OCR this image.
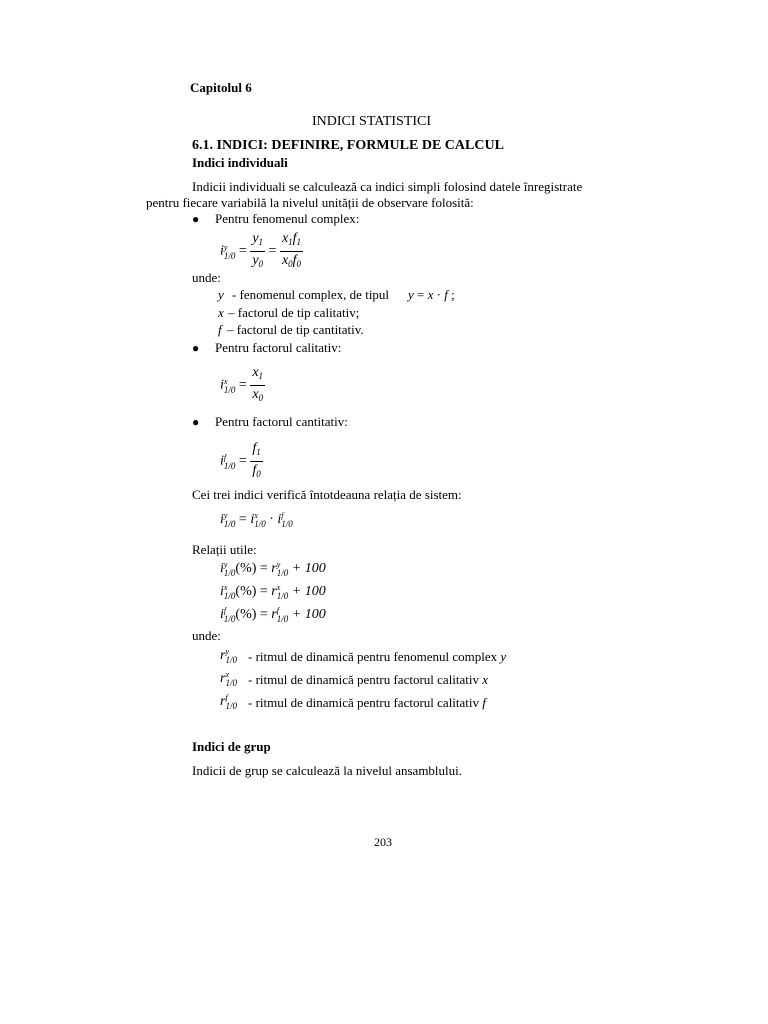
Capitolul 6
INDICI STATISTICI
6.1. INDICI: DEFINIRE, FORMULE DE CALCUL
Indici individuali
Indicii individuali se calculează ca indici simpli folosind datele înregistrate
pentru fiecare variabilă la nivelul unității de observare folosită:
● Pentru fenomenul complex:
i y
$1/0 = \frac{y_1}{y_0} = \frac{x_1f_1}{x_0f_0}$
unde:
y - fenomenul complex, de tipul y = x · f ;
x – factorul de tip calitativ;
f – factorul de tip cantitativ.
● Pentru factorul calitativ:
i x
$1/0 = \frac{x_1}{x_0}$
● Pentru factorul cantitativ:
i f
$1/0 = \frac{f_1}{f_0}$
Cei trei indici verifică întotdeauna relația de sistem:
i y
1/0 = i x
1/0 · i f
1/0
Relații utile:
i y
1/0 (%) = r y
1/0 + 100
i x
1/0 (%) = r x
1/0 + 100
i f
1/0 (%) = r f
1/0 + 100
unde:
r y
1/0 - ritmul de dinamică pentru fenomenul complex y
r x
1/0 - ritmul de dinamică pentru factorul calitativ x
r f
1/0 - ritmul de dinamică pentru factorul calitativ f
Indici de grup
Indicii de grup se calculează la nivelul ansamblului.
203
